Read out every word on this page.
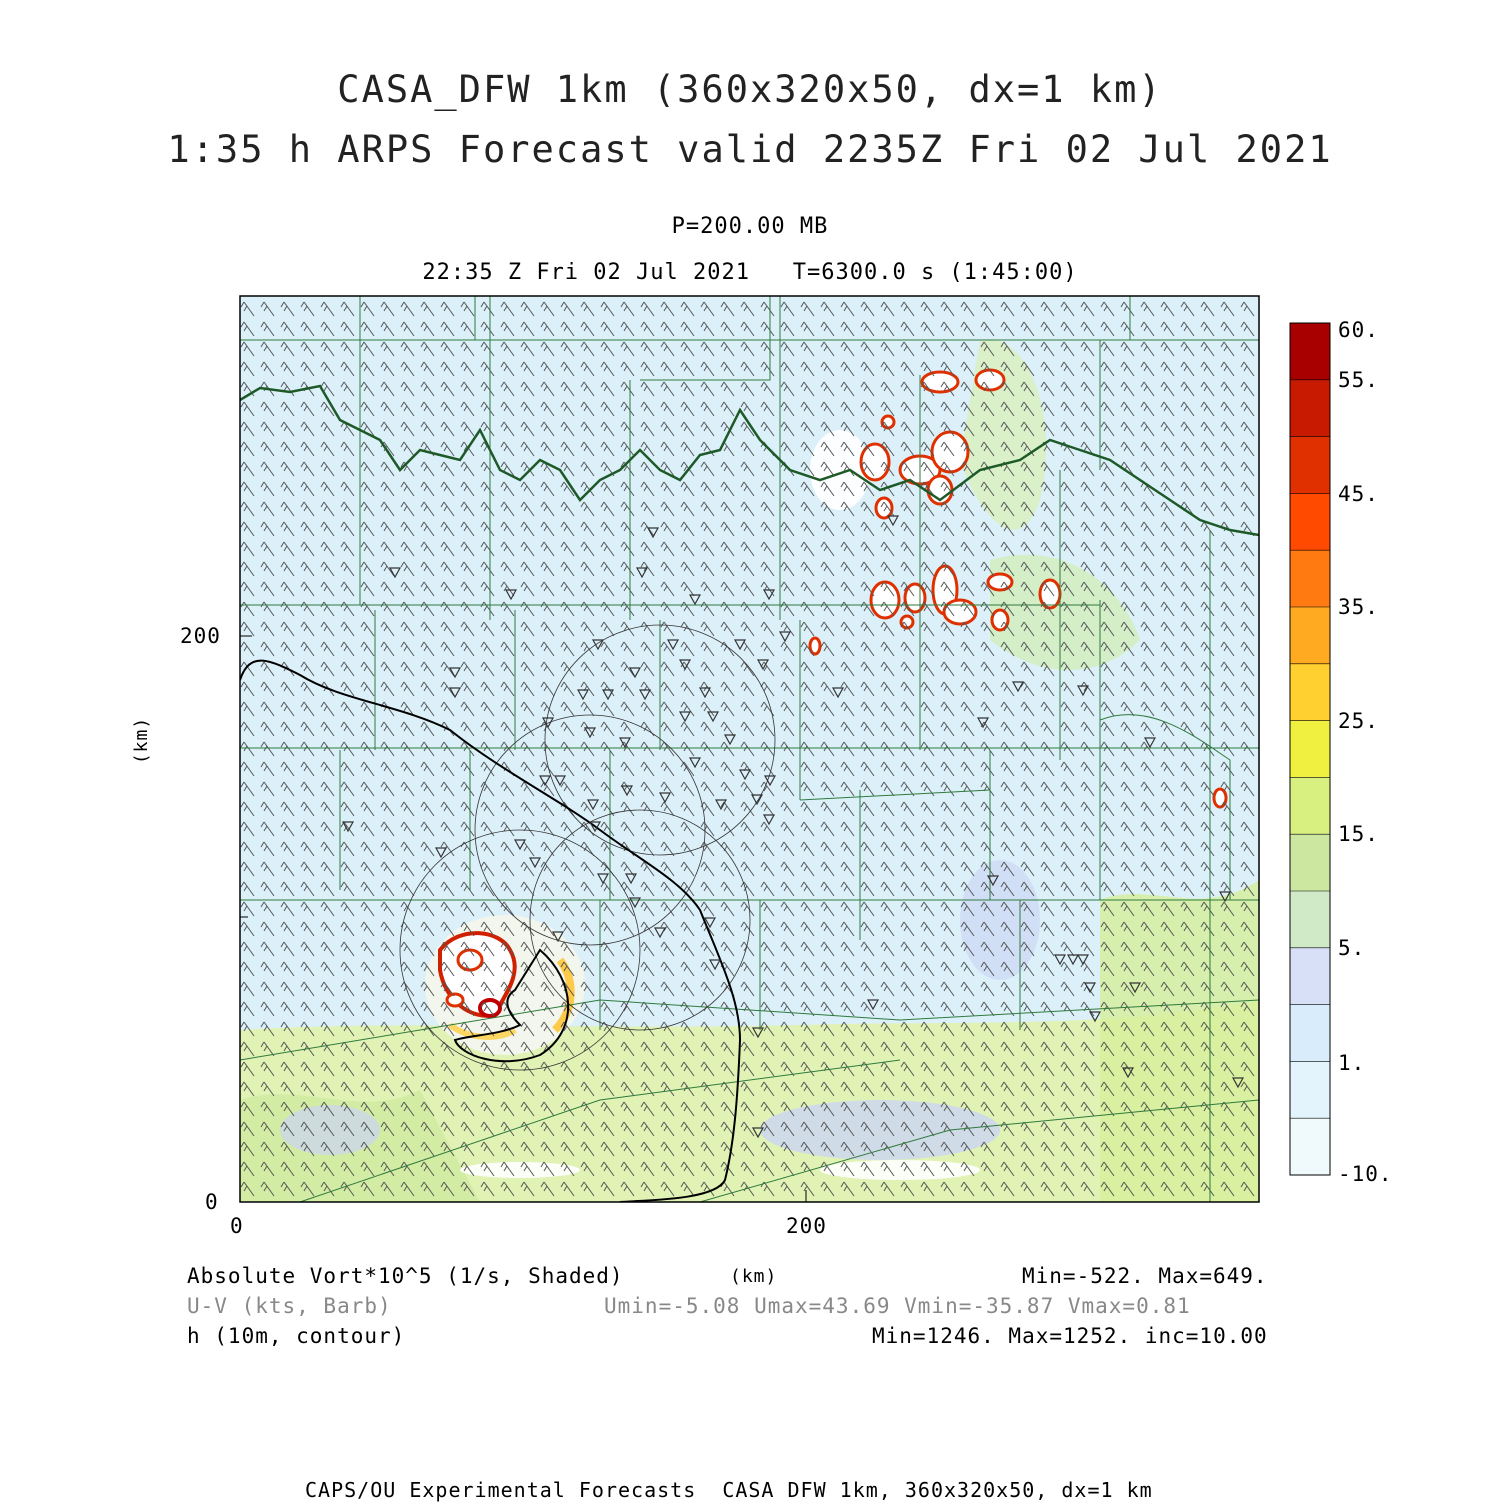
CASA_DFW 1km (360x320x50, dx=1 km)
1:35 h ARPS Forecast valid 2235Z Fri 02 Jul 2021
P=200.00 MB
22:35 Z Fri 02 Jul 2021   T=6300.0 s (1:45:00)
0
200
0	200
(km)
(km)
60.
55.
45.
35.
25.
15.
5.
1.
-10.
Absolute Vort*10^5 (1/s, Shaded)	Min=-522. Max=649.
U-V (kts, Barb)	Umin=-5.08 Umax=43.69 Vmin=-35.87 Vmax=0.81
h (10m, contour)	Min=1246. Max=1252. inc=10.00
CAPS/OU Experimental Forecasts  CASA DFW 1km, 360x320x50, dx=1 km
